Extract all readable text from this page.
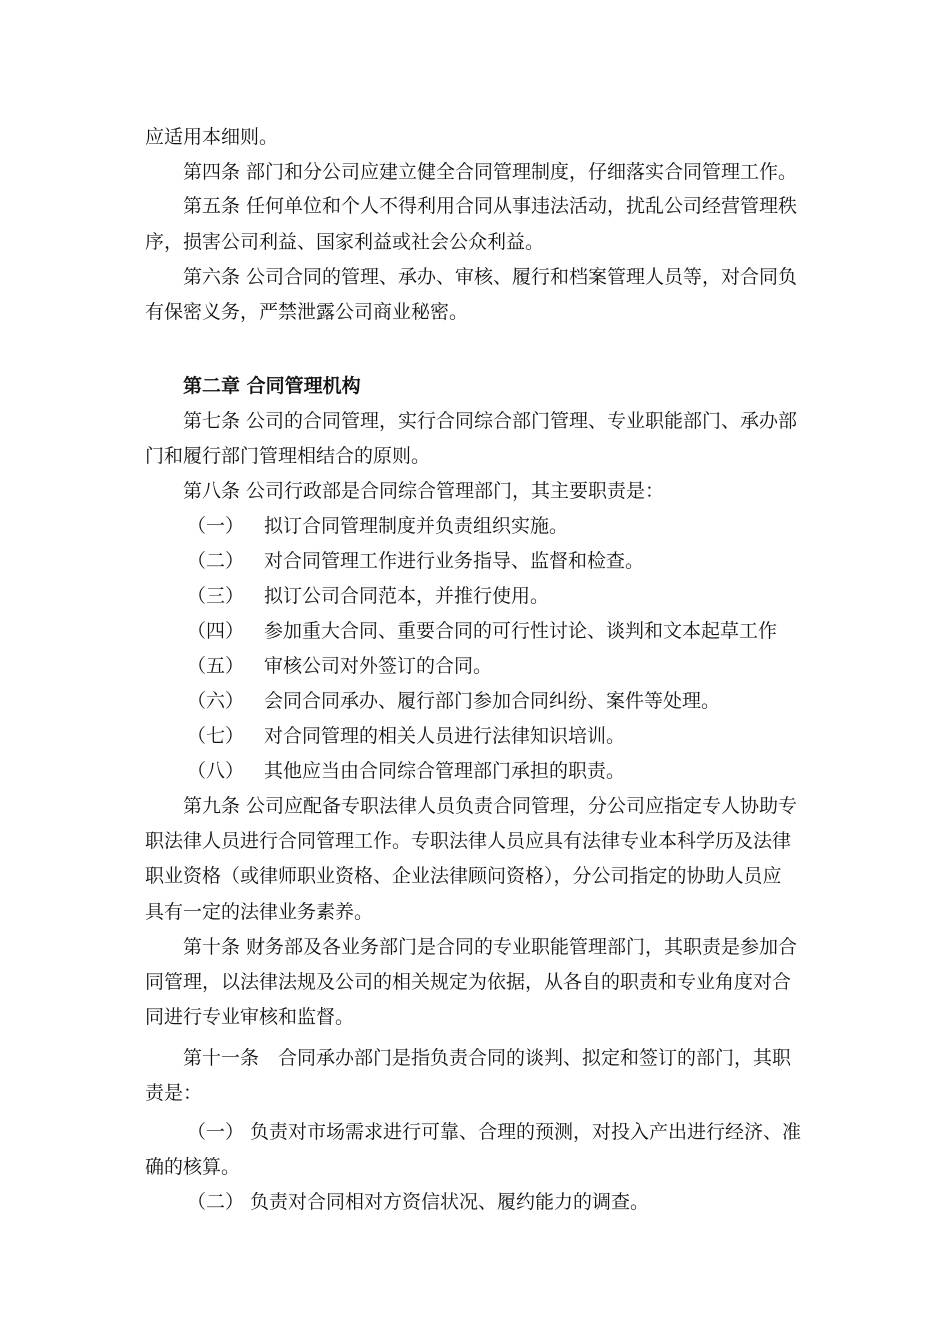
应适用本细则。
第四条 部门和分公司应建立健全合同管理制度，仔细落实合同管理工作。
第五条 任何单位和个人不得利用合同从事违法活动，扰乱公司经营管理秩
序，损害公司利益、国家利益或社会公众利益。
第六条 公司合同的管理、承办、审核、履行和档案管理人员等，对合同负
有保密义务，严禁泄露公司商业秘密。
第二章 合同管理机构
第七条 公司的合同管理，实行合同综合部门管理、专业职能部门、承办部
门和履行部门管理相结合的原则。
第八条 公司行政部是合同综合管理部门，其主要职责是：
（一） 拟订合同管理制度并负责组织实施。
（二） 对合同管理工作进行业务指导、监督和检查。
（三） 拟订公司合同范本，并推行使用。
（四） 参加重大合同、重要合同的可行性讨论、谈判和文本起草工作
（五） 审核公司对外签订的合同。
（六） 会同合同承办、履行部门参加合同纠纷、案件等处理。
（七） 对合同管理的相关人员进行法律知识培训。
（八） 其他应当由合同综合管理部门承担的职责。
第九条 公司应配备专职法律人员负责合同管理，分公司应指定专人协助专
职法律人员进行合同管理工作。专职法律人员应具有法律专业本科学历及法律
职业资格（或律师职业资格、企业法律顾问资格），分公司指定的协助人员应
具有一定的法律业务素养。
第十条 财务部及各业务部门是合同的专业职能管理部门，其职责是参加合
同管理，以法律法规及公司的相关规定为依据，从各自的职责和专业角度对合
同进行专业审核和监督。
第十一条　合同承办部门是指负责合同的谈判、拟定和签订的部门，其职
责是：
（一） 负责对市场需求进行可靠、合理的预测，对投入产出进行经济、准
确的核算。
（二） 负责对合同相对方资信状况、履约能力的调查。
